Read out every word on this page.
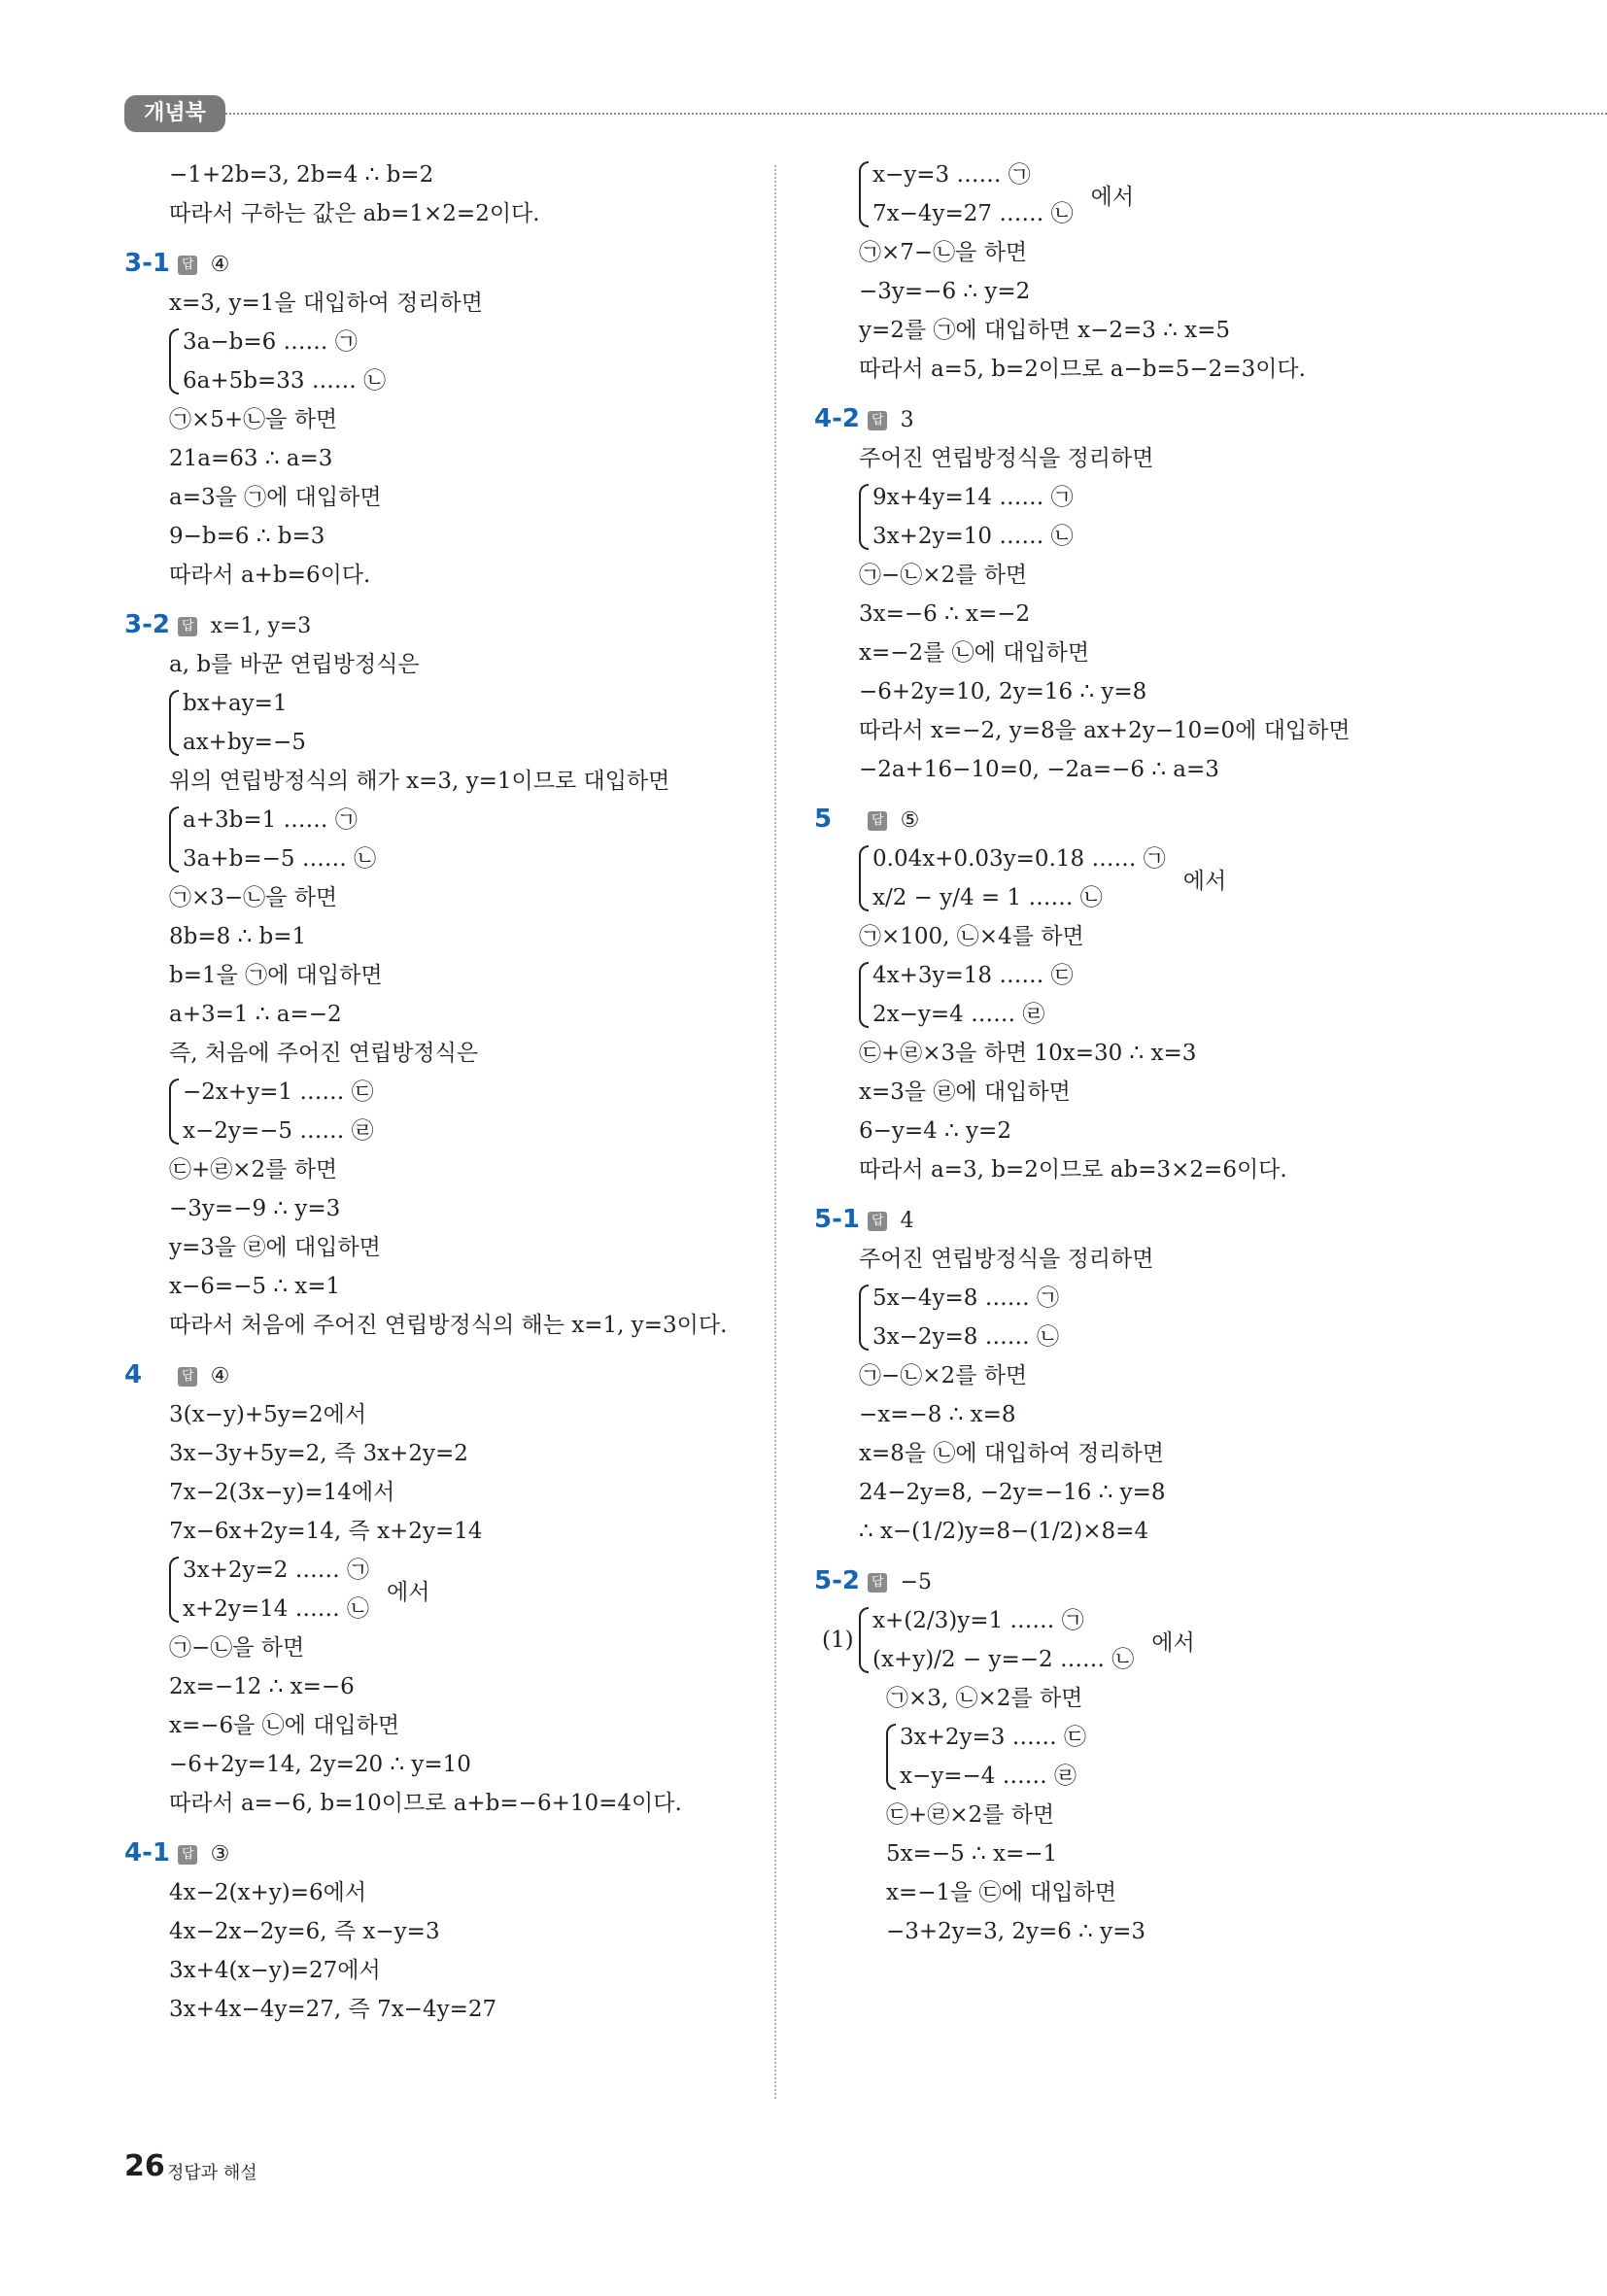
개념북
−1+2b=3, 2b=4 ∴ b=2
따라서 구하는 값은 ab=1×2=2이다.
3-1 답 ④
x=3, y=1을 대입하여 정리하면
3a−b=6 …… ㉠
6a+5b=33 …… ㉡
㉠×5+㉡을 하면
21a=63 ∴ a=3
a=3을 ㉠에 대입하면
9−b=6 ∴ b=3
따라서 a+b=6이다.
3-2 답 x=1, y=3
a, b를 바꾼 연립방정식은
bx+ay=1
ax+by=−5
위의 연립방정식의 해가 x=3, y=1이므로 대입하면
a+3b=1 …… ㉠
3a+b=−5 …… ㉡
㉠×3−㉡을 하면
8b=8 ∴ b=1
b=1을 ㉠에 대입하면
a+3=1 ∴ a=−2
즉, 처음에 주어진 연립방정식은
−2x+y=1 …… ㉢
x−2y=−5 …… ㉣
㉢+㉣×2를 하면
−3y=−9 ∴ y=3
y=3을 ㉣에 대입하면
x−6=−5 ∴ x=1
따라서 처음에 주어진 연립방정식의 해는 x=1, y=3이다.
4	답 ④
3(x−y)+5y=2에서
3x−3y+5y=2, 즉 3x+2y=2
7x−2(3x−y)=14에서
7x−6x+2y=14, 즉 x+2y=14
3x+2y=2 …… ㉠
x+2y=14 …… ㉡
에서
㉠−㉡을 하면
2x=−12 ∴ x=−6
x=−6을 ㉡에 대입하면
−6+2y=14, 2y=20 ∴ y=10
따라서 a=−6, b=10이므로 a+b=−6+10=4이다.
4-1 답 ③
4x−2(x+y)=6에서
4x−2x−2y=6, 즉 x−y=3
3x+4(x−y)=27에서
3x+4x−4y=27, 즉 7x−4y=27
x−y=3 …… ㉠
7x−4y=27 …… ㉡
에서
㉠×7−㉡을 하면
−3y=−6 ∴ y=2
y=2를 ㉠에 대입하면 x−2=3 ∴ x=5
따라서 a=5, b=2이므로 a−b=5−2=3이다.
4-2 답 3
주어진 연립방정식을 정리하면
9x+4y=14 …… ㉠
3x+2y=10 …… ㉡
㉠−㉡×2를 하면
3x=−6 ∴ x=−2
x=−2를 ㉡에 대입하면
−6+2y=10, 2y=16 ∴ y=8
따라서 x=−2, y=8을 ax+2y−10=0에 대입하면
−2a+16−10=0, −2a=−6 ∴ a=3
5	답 ⑤
0.04x+0.03y=0.18 …… ㉠
x/2 − y/4 = 1 …… ㉡
에서
㉠×100, ㉡×4를 하면
4x+3y=18 …… ㉢
2x−y=4 …… ㉣
㉢+㉣×3을 하면 10x=30 ∴ x=3
x=3을 ㉣에 대입하면
6−y=4 ∴ y=2
따라서 a=3, b=2이므로 ab=3×2=6이다.
5-1 답 4
주어진 연립방정식을 정리하면
5x−4y=8 …… ㉠
3x−2y=8 …… ㉡
㉠−㉡×2를 하면
−x=−8 ∴ x=8
x=8을 ㉡에 대입하여 정리하면
24−2y=8, −2y=−16 ∴ y=8
∴ x−(1/2)y=8−(1/2)×8=4
5-2 답 −5
(1)
x+(2/3)y=1 …… ㉠
(x+y)/2 − y=−2 …… ㉡
에서
㉠×3, ㉡×2를 하면
3x+2y=3 …… ㉢
x−y=−4 …… ㉣
㉢+㉣×2를 하면
5x=−5 ∴ x=−1
x=−1을 ㉢에 대입하면
−3+2y=3, 2y=6 ∴ y=3
26 정답과 해설
